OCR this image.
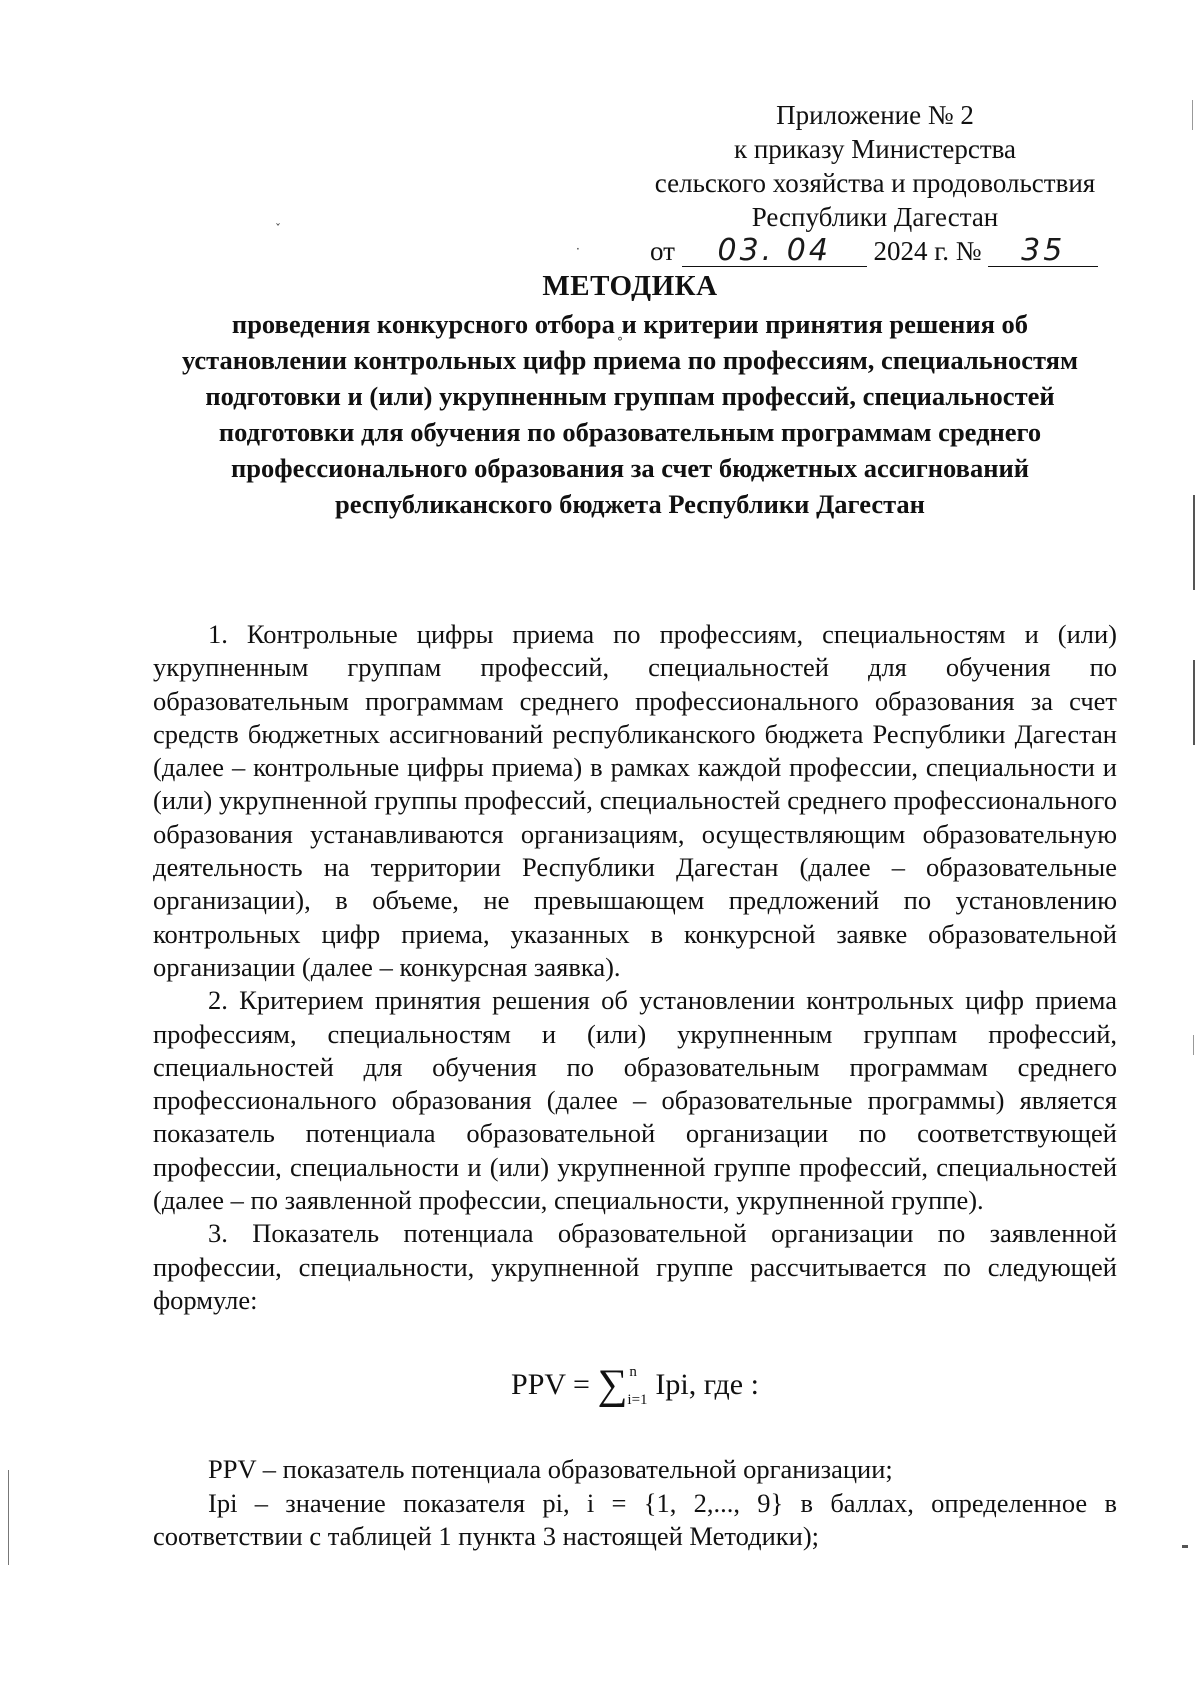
Приложение № 2
к приказу Министерства
сельского хозяйства и продовольствия
Республики Дагестан
от 03. 04 2024 г. № 35
МЕТОДИКА
проведения конкурсного отбора и критерии принятия решения об
установлении контрольных цифр приема по профессиям, специальностям
подготовки и (или) укрупненным группам профессий, специальностей
подготовки для обучения по образовательным программам среднего
профессионального образования за счет бюджетных ассигнований
республиканского бюджета Республики Дагестан

1. Контрольные цифры приема по профессиям, специальностям и (или) укрупненным группам профессий, специальностей для обучения по образовательным программам среднего профессионального образования за счет средств бюджетных ассигнований республиканского бюджета Республики Дагестан (далее – контрольные цифры приема) в рамках каждой профессии, специальности и (или) укрупненной группы профессий, специальностей среднего профессионального образования устанавливаются организациям, осуществляющим образовательную деятельность на территории Республики Дагестан (далее – образовательные организации), в объеме, не превышающем предложений по установлению контрольных цифр приема, указанных в конкурсной заявке образовательной организации (далее – конкурсная заявка).

2. Критерием принятия решения об установлении контрольных цифр приема профессиям, специальностям и (или) укрупненным группам профессий, специальностей для обучения по образовательным программам среднего профессионального образования (далее – образовательные программы) является показатель потенциала образовательной организации по соответствующей профессии, специальности и (или) укрупненной группе профессий, специальностей (далее – по заявленной профессии, специальности, укрупненной группе).

3. Показатель потенциала образовательной организации по заявленной профессии, специальности, укрупненной группе рассчитывается по следующей формуле:

PPV = ∑ n
i=1 Ipi, где :

PPV – показатель потенциала образовательной организации;

Ipi – значение показателя pi, i = {1, 2,..., 9} в баллах, определенное в соответствии с таблицей 1 пункта 3 настоящей Методики);

ˇ
·
°
